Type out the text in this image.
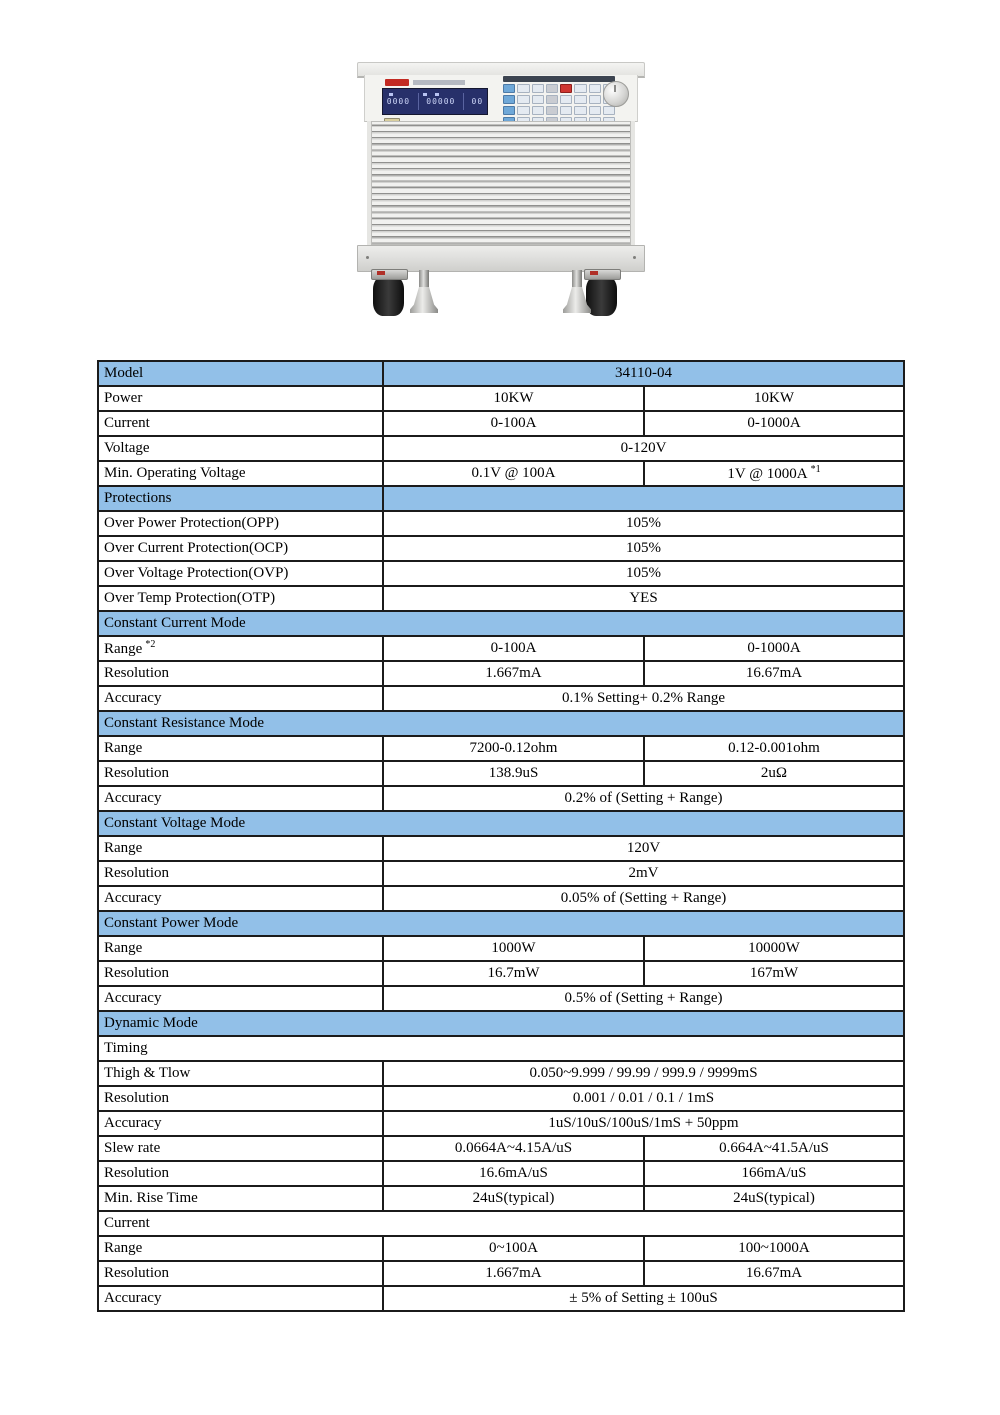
0000 00000 00
Model	34110-04	
Power	10KW	10KW
Current	0-100A	0-1000A
Voltage	0-120V	
Min. Operating Voltage	0.1V @ 100A	1V @ 1000A $^{*1}$
Protections		
Over Power Protection(OPP)	105%	
Over Current Protection(OCP)	105%	
Over Voltage Protection(OVP)	105%	
Over Temp Protection(OTP)	YES	
Constant Current Mode		
Range $^{*2}$	0-100A	0-1000A
Resolution	1.667mA	16.67mA
Accuracy	0.1% Setting+ 0.2% Range	
Constant Resistance Mode		
Range	7200-0.12ohm	0.12-0.001ohm
Resolution	138.9uS	2uΩ
Accuracy	0.2% of (Setting + Range)	
Constant Voltage Mode		
Range	120V	
Resolution	2mV	
Accuracy	0.05% of (Setting + Range)	
Constant Power Mode		
Range	1000W	10000W
Resolution	16.7mW	167mW
Accuracy	0.5% of (Setting + Range)	
Dynamic Mode		
Timing		
Thigh & Tlow	0.050~9.999 / 99.99 / 999.9 / 9999mS	
Resolution	0.001 / 0.01 / 0.1 / 1mS	
Accuracy	1uS/10uS/100uS/1mS + 50ppm	
Slew rate	0.0664A~4.15A/uS	0.664A~41.5A/uS
Resolution	16.6mA/uS	166mA/uS
Min. Rise Time	24uS(typical)	24uS(typical)
Current		
Range	0~100A	100~1000A
Resolution	1.667mA	16.67mA
Accuracy	± 5% of Setting ± 100uS	
